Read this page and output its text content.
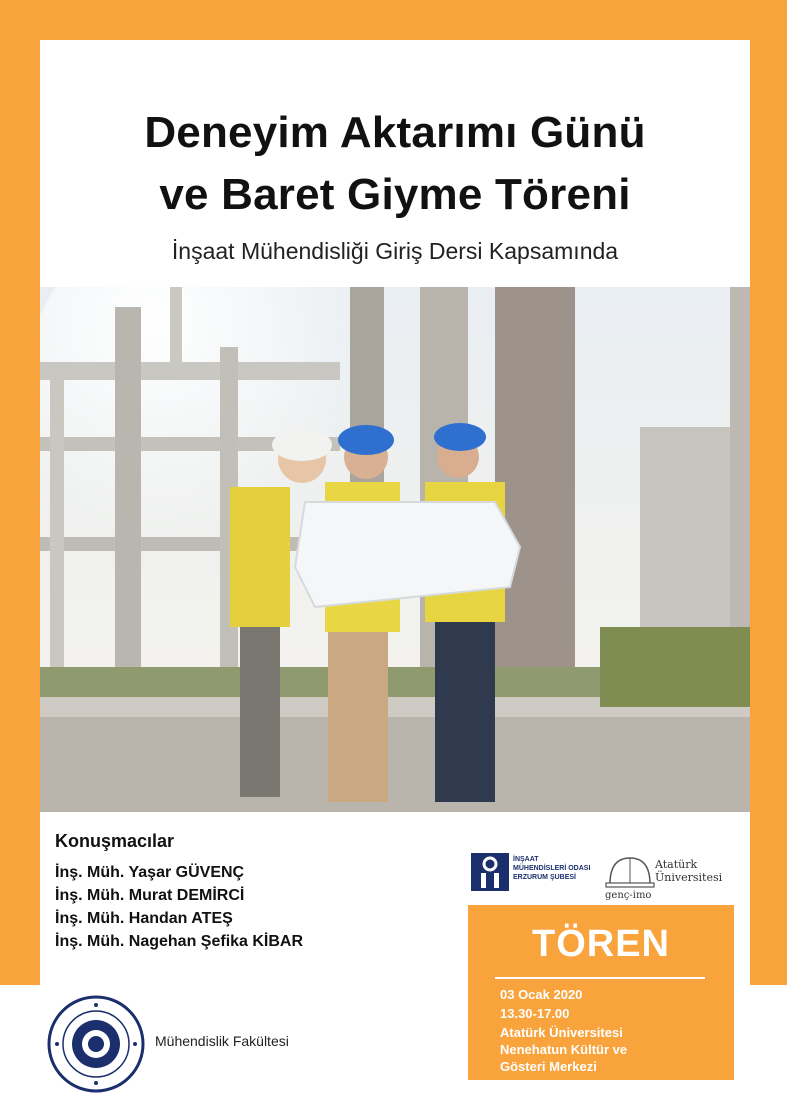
Deneyim Aktarımı Günü
ve Baret Giyme Töreni
İnşaat Mühendisliği Giriş Dersi Kapsamında
Konuşmacılar
İnş. Müh. Yaşar GÜVENÇ
İnş. Müh. Murat DEMİRCİ
İnş. Müh. Handan ATEŞ
İnş. Müh. Nagehan Şefika KİBAR
İNŞAAT
MÜHENDİSLERİ ODASI
ERZURUM ŞUBESİ
genç-imo
Atatürk
Üniversitesi
TÖREN
03 Ocak 2020
13.30-17.00
Atatürk Üniversitesi
Nenehatun Kültür ve
Gösteri Merkezi
Mühendislik Fakültesi
